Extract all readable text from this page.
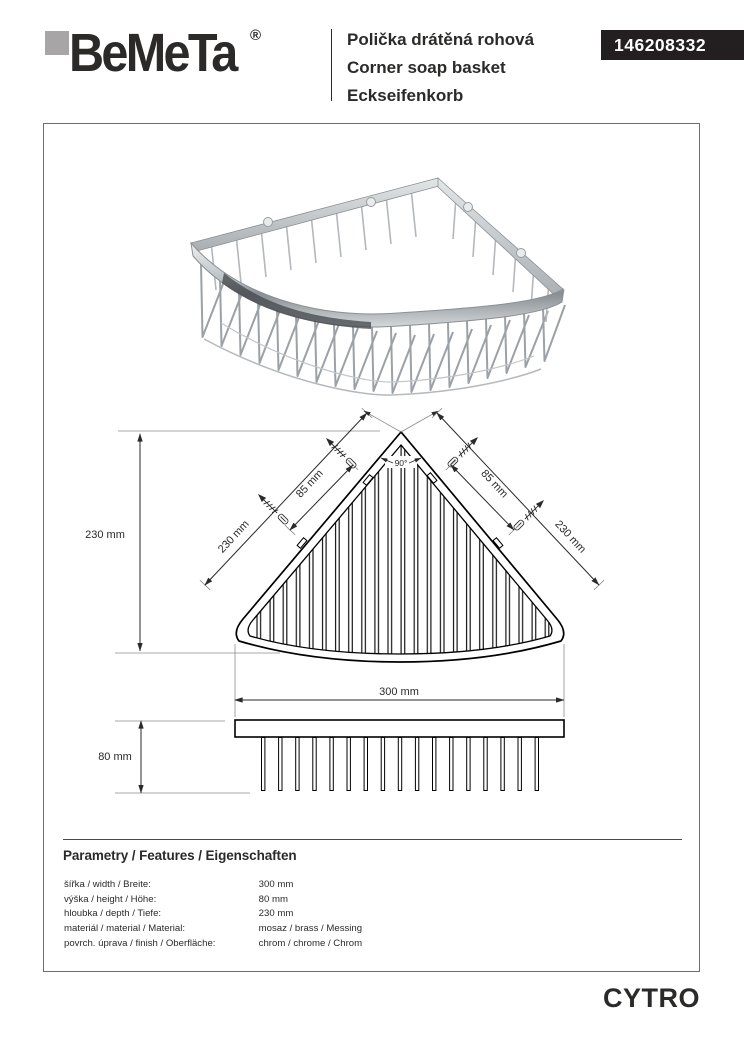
BeMeTa ®	Polička drátěná rohová
Corner soap basket
Eckseifenkorb
146208332
90°
230 mm	230 mm	230 mm
85 mm	85 mm
300 mm
80 mm
Parametry / Features / Eigenschaften
šířka / width / Breite:	300 mm
výška / height / Höhe:	80 mm
hloubka / depth / Tiefe:	230 mm
materiál / material / Material:	mosaz / brass / Messing
povrch. úprava / finish / Oberfläche:	chrom / chrome / Chrom
CYTRO
